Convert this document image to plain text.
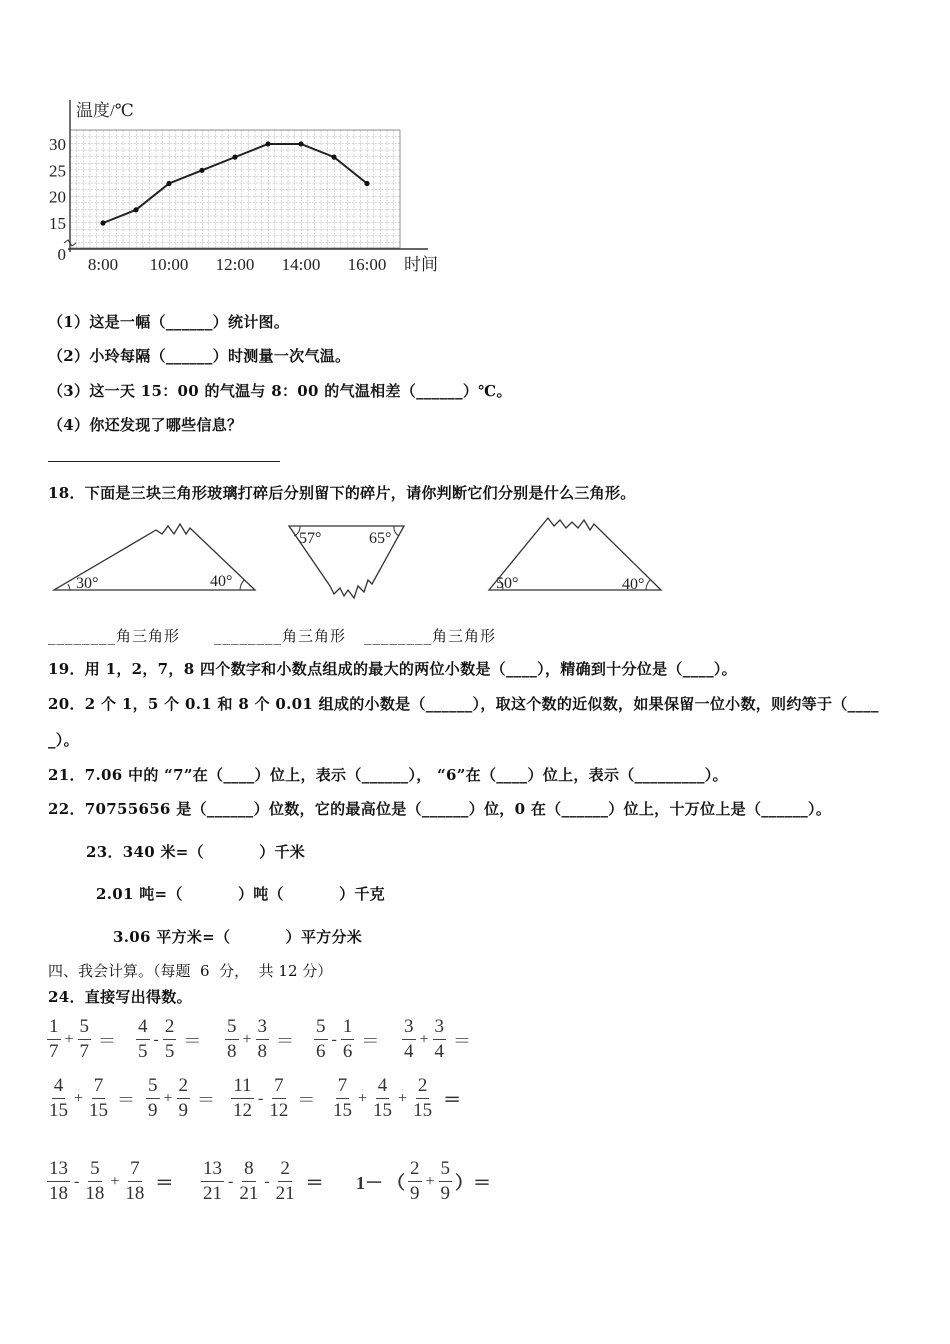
温度/℃
时间
0
15
20
25
30
8:00 10:00 12:00 14:00 16:00
（1）这是一幅（______）统计图。
（2）小玲每隔（______）时测量一次气温。
（3）这一天 15：00 的气温与 8：00 的气温相差（______）℃。
（4）你还发现了哪些信息？
18．下面是三块三角形玻璃打碎后分别留下的碎片，请你判断它们分别是什么三角形。
30°	40°
57°	65°
50°	40°
________角三角形 ________角三角形 ________角三角形
19．用 1，2，7，8 四个数字和小数点组成的最大的两位小数是（____），精确到十分位是（____）。
20．2 个 1，5 个 0.1 和 8 个 0.01 组成的小数是（______），取这个数的近似数，如果保留一位小数，则约等于（____
_）。
21．7.06 中的 “7”在（____）位上，表示（______）， “6”在（____）位上，表示（_________）。
22．70755656 是（______）位数，它的最高位是（______）位，0 在（______）位上，十万位上是（______）。
23．340 米=（          ）千米
2.01 吨=（          ）吨（          ）千克
3.06 平方米=（          ）平方分米
四、我会计算。（每题  6  分，  共 12 分）
24．直接写出得数。
1
7
+ $\frac{5}{7}$ ＝
4
5
-
2
5
＝
5
8
+ $\frac{3}{8}$ ＝
5
6
-
1
6
＝
3
4
+ $\frac{3}{4}$ ＝
4
15
+ $\frac{7}{15}$ ＝
5
9
+ $\frac{2}{9}$ ＝
11
12
-
7
12
＝
7
15
+ $\frac{4}{15} + \frac{2}{15}$ ＝
13
18
-
5
18
+ $\frac{7}{18}$ ＝
13
21
-
8
21
-
2
21
＝ 1－ （
2
9
+ $\frac{5}{9}$ ）＝
